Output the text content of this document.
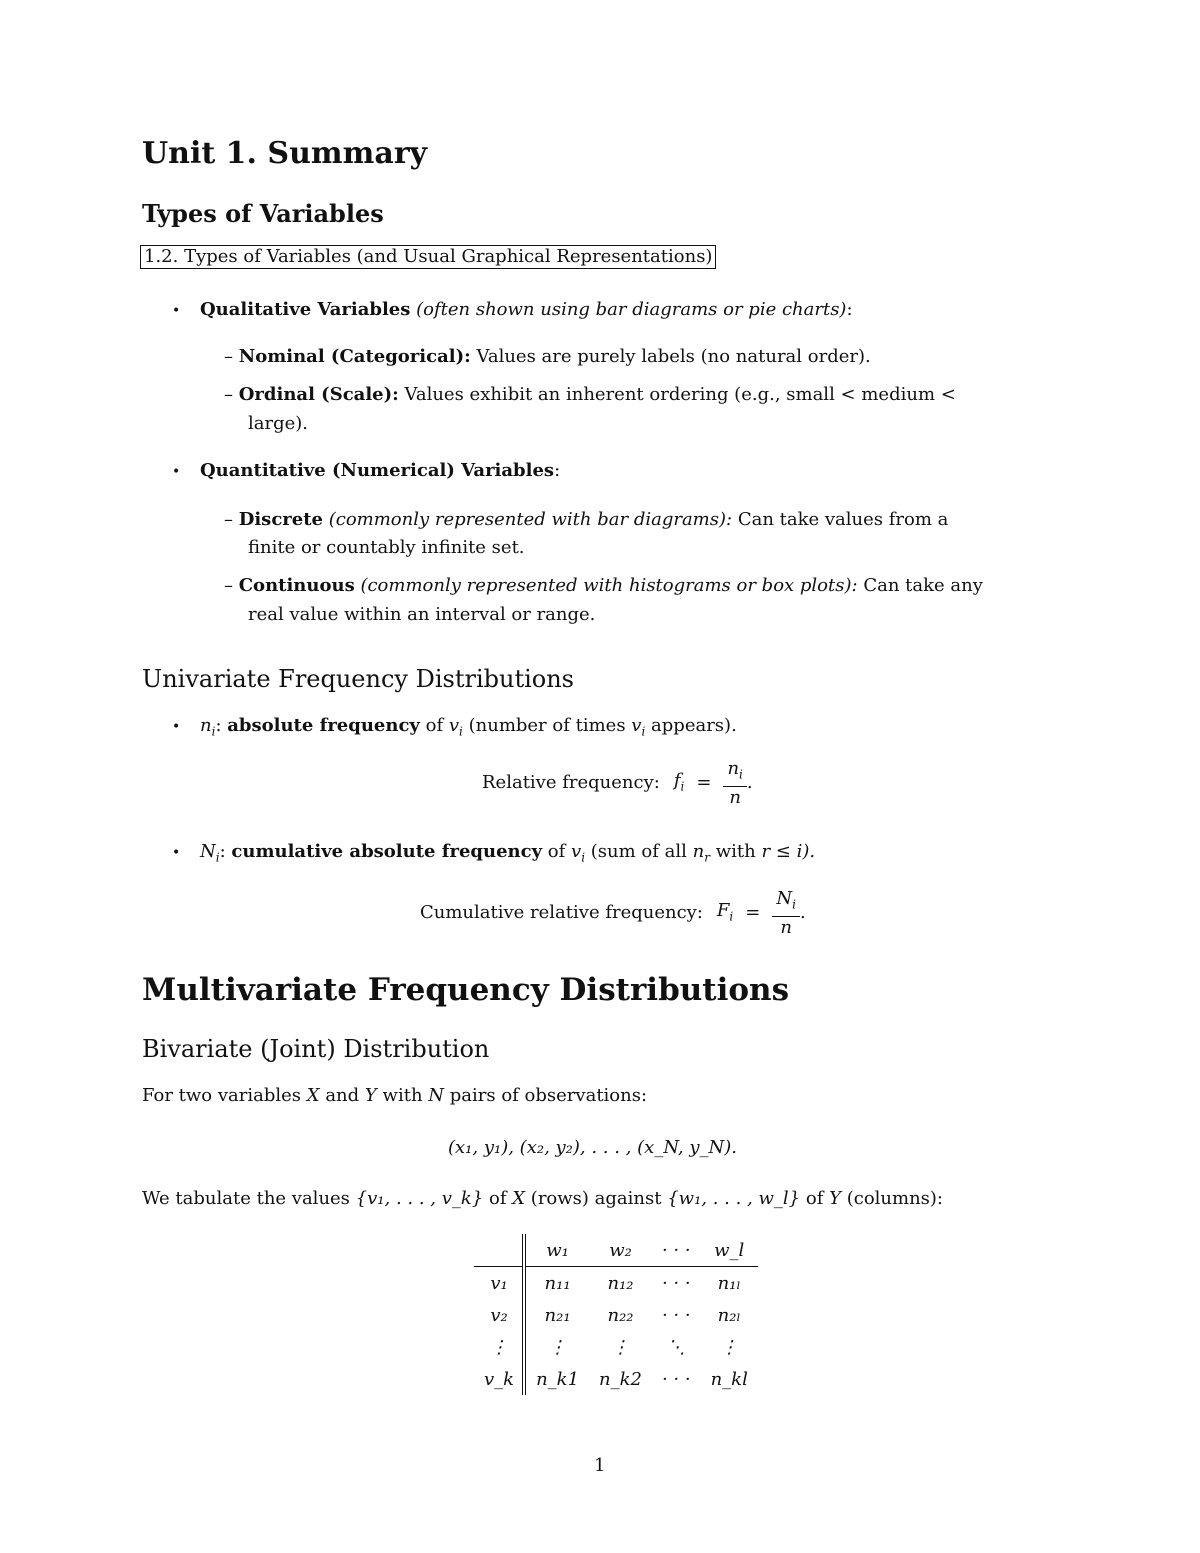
Unit 1. Summary
Types of Variables
1.2. Types of Variables (and Usual Graphical Representations)
• Qualitative Variables (often shown using bar diagrams or pie charts):
– Nominal (Categorical): Values are purely labels (no natural order).
– Ordinal (Scale): Values exhibit an inherent ordering (e.g., small < medium <
large).
• Quantitative (Numerical) Variables:
– Discrete (commonly represented with bar diagrams): Can take values from a
finite or countably infinite set.
– Continuous (commonly represented with histograms or box plots): Can take any
real value within an interval or range.
Univariate Frequency Distributions
• $n_i$: absolute frequency of $v_i$ (number of times $v_i$ appears).
Relative frequency: $f_i = \frac{n_i}{n}$ .
• $N_i$: cumulative absolute frequency of $v_i$ (sum of all $n_r$ with r ≤ i).
Cumulative relative frequency: $F_i = \frac{N_i}{n}$ .
Multivariate Frequency Distributions
Bivariate (Joint) Distribution
For two variables X and Y with N pairs of observations:
(x₁, y₁), (x₂, y₂), . . . , (x_N, y_N).
We tabulate the values {v₁, . . . , v_k} of X (rows) against {w₁, . . . , w_l} of Y (columns):
	w₁	w₂	· · ·	w_l
v₁	n₁₁	n₁₂	· · ·	n₁ₗ
v₂	n₂₁	n₂₂	· · ·	n₂ₗ
⋮	⋮	⋮	⋱	⋮
v_k	n_k1	n_k2	· · ·	n_kl
1
